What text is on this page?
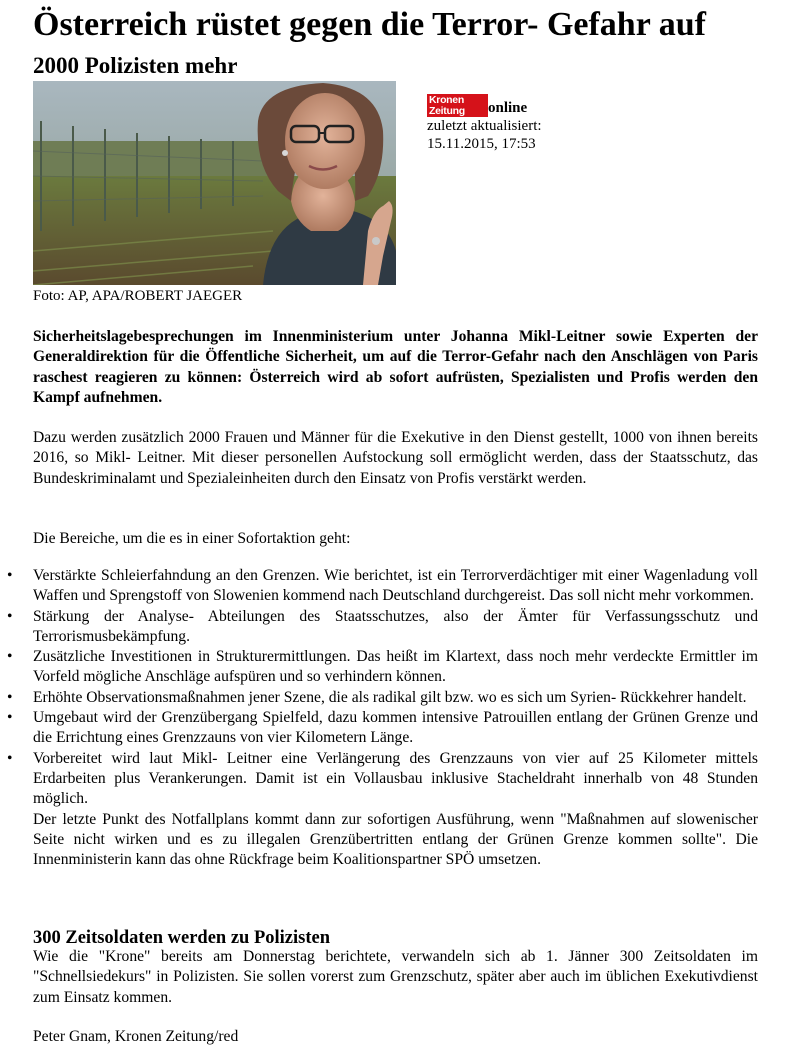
Österreich rüstet gegen die Terror- Gefahr auf
2000 Polizisten mehr
Foto: AP, APA/ROBERT JAEGER
Kronen
Zeitung	online
zuletzt aktualisiert:
15.11.2015, 17:53
Sicherheitslagebesprechungen im Innenministerium unter Johanna Mikl-Leitner sowie Experten der Generaldirektion für die Öffentliche Sicherheit, um auf die Terror-Gefahr nach den Anschlägen von Paris raschest reagieren zu können: Österreich wird ab sofort aufrüsten, Spezialisten und Profis werden den Kampf aufnehmen.
Dazu werden zusätzlich 2000 Frauen und Männer für die Exekutive in den Dienst gestellt, 1000 von ihnen bereits 2016, so Mikl- Leitner. Mit dieser personellen Aufstockung soll ermöglicht werden, dass der Staatsschutz, das Bundeskriminalamt und Spezialeinheiten durch den Einsatz von Profis verstärkt werden.
Die Bereiche, um die es in einer Sofortaktion geht:
• Verstärkte Schleierfahndung an den Grenzen. Wie berichtet, ist ein Terrorverdächtiger mit einer Wagenladung voll Waffen und Sprengstoff von Slowenien kommend nach Deutschland durchgereist. Das soll nicht mehr vorkommen.
• Stärkung der Analyse- Abteilungen des Staatsschutzes, also der Ämter für Verfassungsschutz und Terrorismusbekämpfung.
• Zusätzliche Investitionen in Strukturermittlungen. Das heißt im Klartext, dass noch mehr verdeckte Ermittler im Vorfeld mögliche Anschläge aufspüren und so verhindern können.
• Erhöhte Observationsmaßnahmen jener Szene, die als radikal gilt bzw. wo es sich um Syrien- Rückkehrer handelt.
• Umgebaut wird der Grenzübergang Spielfeld, dazu kommen intensive Patrouillen entlang der Grünen Grenze und die Errichtung eines Grenzzauns von vier Kilometern Länge.
• Vorbereitet wird laut Mikl- Leitner eine Verlängerung des Grenzzauns von vier auf 25 Kilometer mittels Erdarbeiten plus Verankerungen. Damit ist ein Vollausbau inklusive Stacheldraht innerhalb von 48 Stunden möglich.
Der letzte Punkt des Notfallplans kommt dann zur sofortigen Ausführung, wenn "Maßnahmen auf slowenischer Seite nicht wirken und es zu illegalen Grenzübertritten entlang der Grünen Grenze kommen sollte". Die Innenministerin kann das ohne Rückfrage beim Koalitionspartner SPÖ umsetzen.
300 Zeitsoldaten werden zu Polizisten
Wie die "Krone" bereits am Donnerstag berichtete, verwandeln sich ab 1. Jänner 300 Zeitsoldaten im "Schnellsiedekurs" in Polizisten. Sie sollen vorerst zum Grenzschutz, später aber auch im üblichen Exekutivdienst zum Einsatz kommen.
Peter Gnam, Kronen Zeitung/red
